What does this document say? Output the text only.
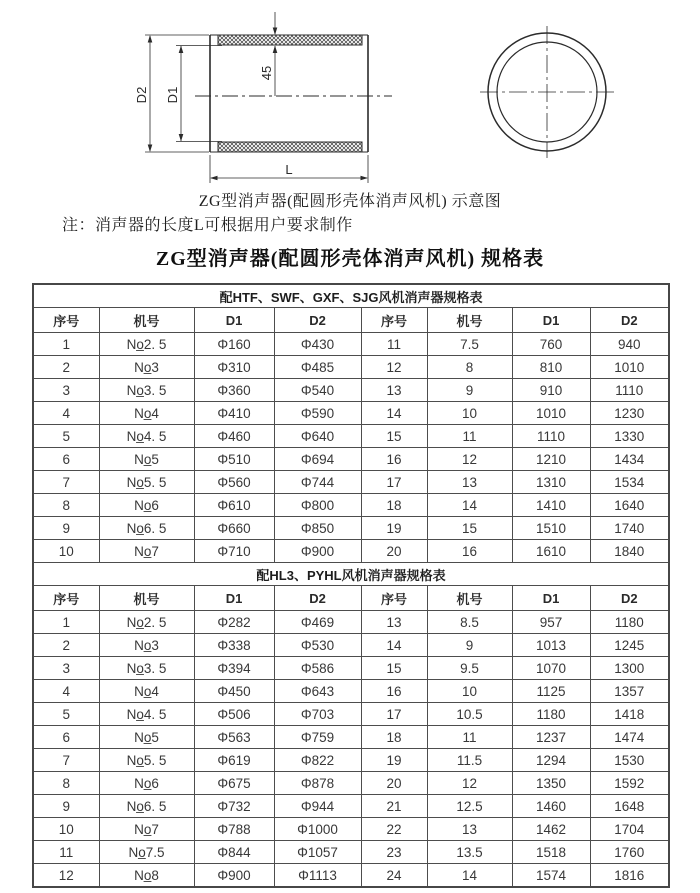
D2 D1
45
L
ZG型消声器(配圆形壳体消声风机) 示意图
注：消声器的长度L可根据用户要求制作
ZG型消声器(配圆形壳体消声风机) 规格表
配HTF、SWF、GXF、SJG风机消声器规格表							
序号	机号	D1	D2	序号	机号	D1	D2
1	No̲2. 5	Φ160	Φ430	11	7.5	760	940
2	No̲3	Φ310	Φ485	12	8	810	1010
3	No̲3. 5	Φ360	Φ540	13	9	910	1110
4	No̲4	Φ410	Φ590	14	10	1010	1230
5	No̲4. 5	Φ460	Φ640	15	11	1110	1330
6	No̲5	Φ510	Φ694	16	12	1210	1434
7	No̲5. 5	Φ560	Φ744	17	13	1310	1534
8	No̲6	Φ610	Φ800	18	14	1410	1640
9	No̲6. 5	Φ660	Φ850	19	15	1510	1740
10	No̲7	Φ710	Φ900	20	16	1610	1840
配HL3、PYHL风机消声器规格表							
序号	机号	D1	D2	序号	机号	D1	D2
1	No̲2. 5	Φ282	Φ469	13	8.5	957	1180
2	No̲3	Φ338	Φ530	14	9	1013	1245
3	No̲3. 5	Φ394	Φ586	15	9.5	1070	1300
4	No̲4	Φ450	Φ643	16	10	1125	1357
5	No̲4. 5	Φ506	Φ703	17	10.5	1180	1418
6	No̲5	Φ563	Φ759	18	11	1237	1474
7	No̲5. 5	Φ619	Φ822	19	11.5	1294	1530
8	No̲6	Φ675	Φ878	20	12	1350	1592
9	No̲6. 5	Φ732	Φ944	21	12.5	1460	1648
10	No̲7	Φ788	Φ1000	22	13	1462	1704
11	No̲7.5	Φ844	Φ1057	23	13.5	1518	1760
12	No̲8	Φ900	Φ1113	24	14	1574	1816
